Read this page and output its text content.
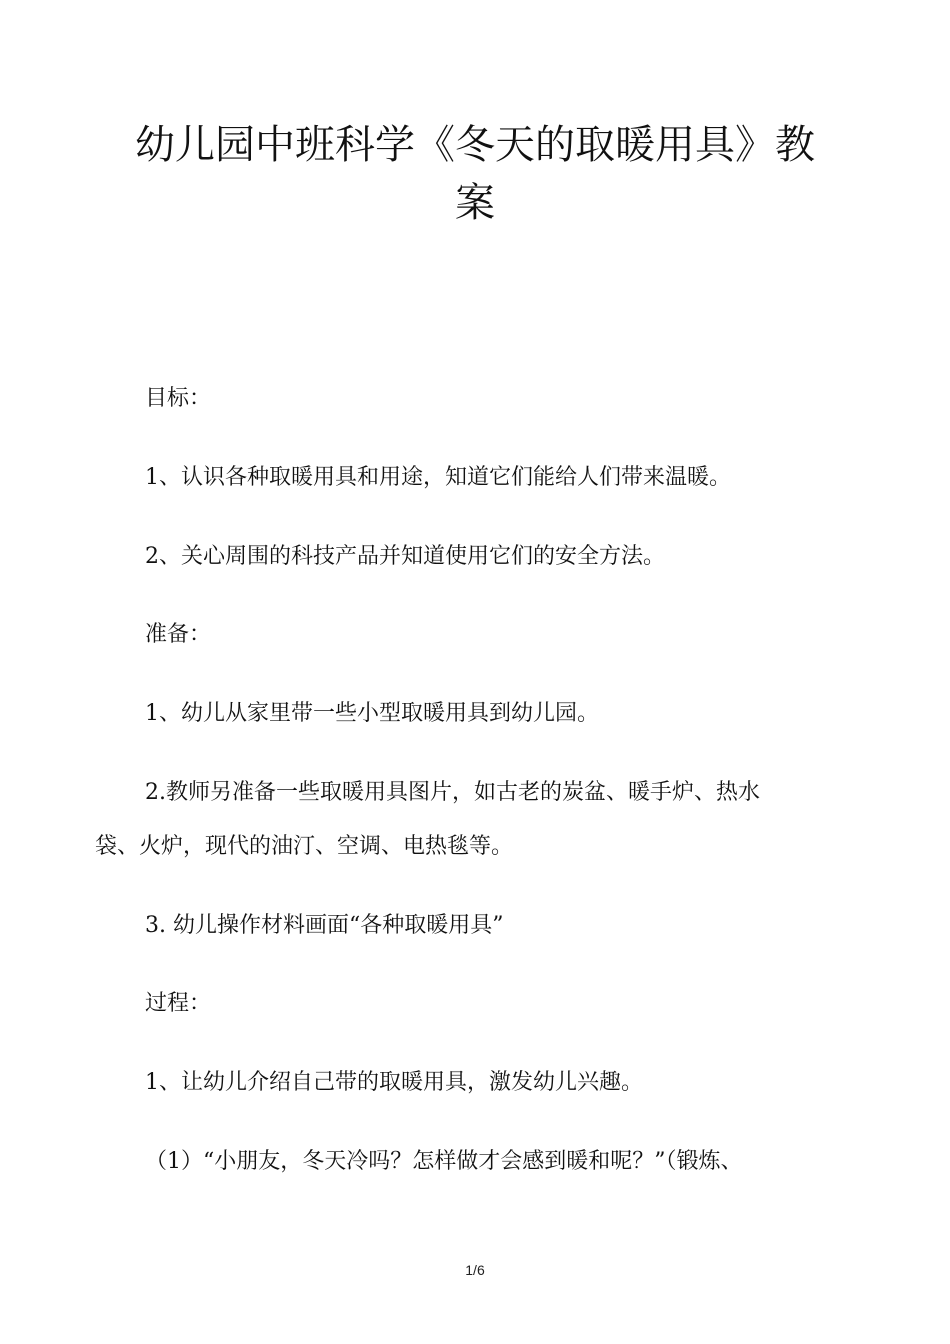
幼儿园中班科学《冬天的取暖用具》教
案

目标：

1、认识各种取暖用具和用途，知道它们能给人们带来温暖。

2、关心周围的科技产品并知道使用它们的安全方法。

准备：

1、幼儿从家里带一些小型取暖用具到幼儿园。

2.教师另准备一些取暖用具图片，如古老的炭盆、暖手炉、热水

袋、火炉，现代的油汀、空调、电热毯等。

3. 幼儿操作材料画面“各种取暖用具”

过程：

1、让幼儿介绍自己带的取暖用具，激发幼儿兴趣。

（1）“小朋友，冬天冷吗？怎样做才会感到暖和呢？”（锻炼、

1/6
